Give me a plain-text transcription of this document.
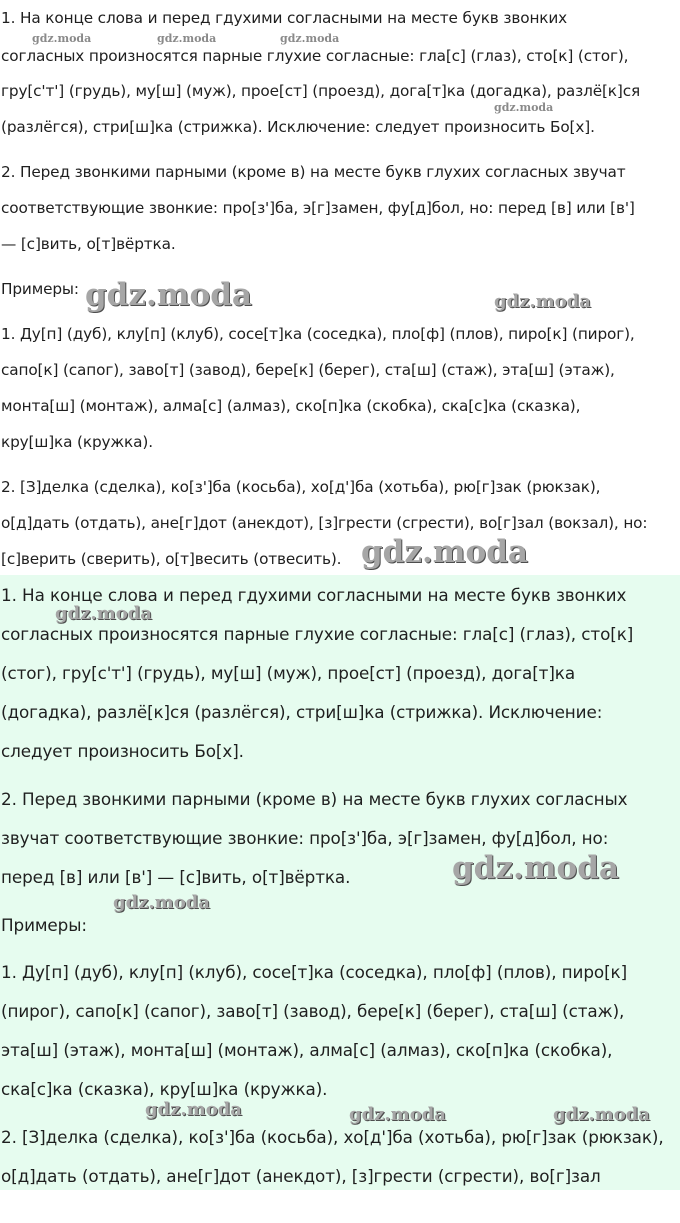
1. На конце слова и перед гдухими согласными на месте букв звонких
согласных произносятся парные глухие согласные: гла[с] (глаз), сто[к] (стог),
гру[с'т'] (грудь), му[ш] (муж), прое[ст] (проезд), дога[т]ка (догадка), разлё[к]ся
(разлёгся), стри[ш]ка (стрижка). Исключение: следует произносить Бо[х].
2. Перед звонкими парными (кроме в) на месте букв глухих согласных звучат
соответствующие звонкие: про[з']ба, э[г]замен, фу[д]бол, но: перед [в] или [в']
— [с]вить, о[т]вёртка.
Примеры:
1. Ду[п] (дуб), клу[п] (клуб), сосе[т]ка (соседка), пло[ф] (плов), пиро[к] (пирог),
сапо[к] (сапог), заво[т] (завод), бере[к] (берег), ста[ш] (стаж), эта[ш] (этаж),
монта[ш] (монтаж), алма[с] (алмаз), ско[п]ка (скобка), ска[с]ка (сказка),
кру[ш]ка (кружка).
2. [З]делка (сделка), ко[з']ба (косьба), хо[д']ба (хотьба), рю[г]зак (рюкзак),
о[д]дать (отдать), ане[г]дот (анекдот), [з]грести (сгрести), во[г]зал (вокзал), но:
[с]верить (сверить), о[т]весить (отвесить).
1. На конце слова и перед гдухими согласными на месте букв звонких
согласных произносятся парные глухие согласные: гла[с] (глаз), сто[к]
(стог), гру[с'т'] (грудь), му[ш] (муж), прое[ст] (проезд), дога[т]ка
(догадка), разлё[к]ся (разлёгся), стри[ш]ка (стрижка). Исключение:
следует произносить Бо[х].
2. Перед звонкими парными (кроме в) на месте букв глухих согласных
звучат соответствующие звонкие: про[з']ба, э[г]замен, фу[д]бол, но:
перед [в] или [в'] — [с]вить, о[т]вёртка.
Примеры:
1. Ду[п] (дуб), клу[п] (клуб), сосе[т]ка (соседка), пло[ф] (плов), пиро[к]
(пирог), сапо[к] (сапог), заво[т] (завод), бере[к] (берег), ста[ш] (стаж),
эта[ш] (этаж), монта[ш] (монтаж), алма[с] (алмаз), ско[п]ка (скобка),
ска[с]ка (сказка), кру[ш]ка (кружка).
2. [З]делка (сделка), ко[з']ба (косьба), хо[д']ба (хотьба), рю[г]зак (рюкзак),
о[д]дать (отдать), ане[г]дот (анекдот), [з]грести (сгрести), во[г]зал
gdz.moda	gdz.moda	gdz.moda
gdz.moda
gdz.moda	gdz.moda
gdz.moda
gdz.moda
gdz.moda
gdz.moda
gdz.moda	gdz.moda	gdz.moda
